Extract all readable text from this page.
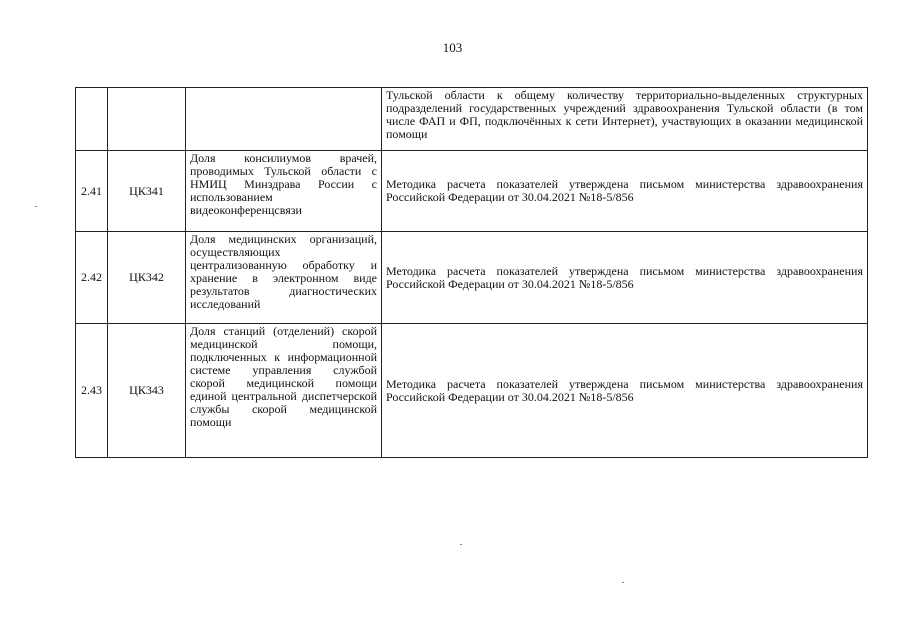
103
			Тульской области к общему количеству территориально-выделенных структурных подразделений государственных учреждений здравоохранения Тульской области (в том числе ФАП и ФП, подключённых к сети Интернет), участвующих в оказании медицинской помощи
2.41	ЦК341	Доля консилиумов врачей, проводимых Тульской области с НМИЦ Минздрава России с использованием видеоконференцсвязи	Методика расчета показателей утверждена письмом министерства здравоохранения Российской Федерации от 30.04.2021 №18-5/856
2.42	ЦК342	Доля медицинских организаций, осуществляющих централизованную обработку и хранение в электронном виде результатов диагностических исследований	Методика расчета показателей утверждена письмом министерства здравоохранения Российской Федерации от 30.04.2021 №18-5/856
2.43	ЦК343	Доля станций (отделений) скорой медицинской помощи, подключенных к информационной системе управления службой скорой медицинской помощи единой центральной диспетчерской службы скорой медицинской помощи	Методика расчета показателей утверждена письмом министерства здравоохранения Российской Федерации от 30.04.2021 №18-5/856
